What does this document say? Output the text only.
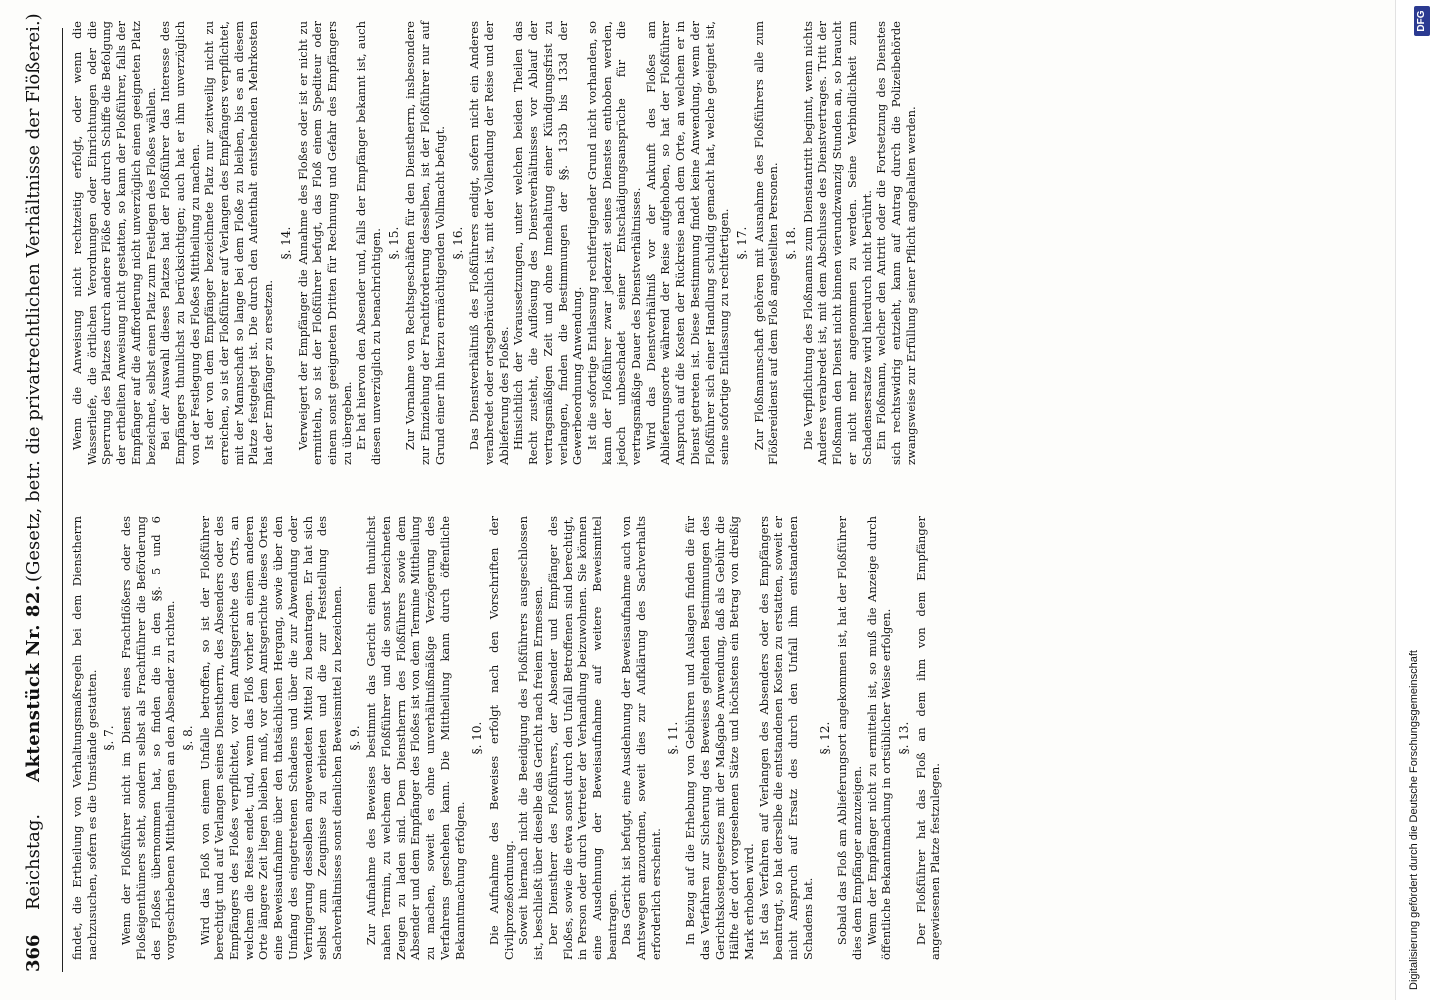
366
Reichstag.
Aktenstück Nr. 82.
(Gesetz, betr. die privatrechtlichen Verhältnisse der Flößerei.)
findet, die Ertheilung von Verhaltungsmaßregeln bei dem Dienstherrn nachzusuchen, sofern es die Umstände gestatten. §. 7. Wenn der Floßführer nicht im Dienst eines Frachtflößers oder des Floßeigenthümers steht, sondern selbst als Frachtführer die Beförderung des Floßes übernommen hat, so finden die in den §§. 5 und 6 vorgeschriebenen Mittheilungen an den Absender zu richten. §. 8. Wird das Floß von einem Unfalle betroffen, so ist der Floßführer berechtigt und auf Verlangen seines Dienstherrn, des Absenders oder des Empfängers des Floßes verpflichtet, vor dem Amtsgerichte des Orts, an welchem die Reise endet, und, wenn das Floß vorher an einem anderen Orte längere Zeit liegen bleiben muß, vor dem Amtsgerichte dieses Ortes eine Beweisaufnahme über den thatsächlichen Hergang, sowie über den Umfang des eingetretenen Schadens und über die zur Abwendung oder Verringerung desselben angewendeten Mittel zu beantragen. Er hat sich selbst zum Zeugnisse zu erbieten und die zur Feststellung des Sachverhältnisses sonst dienlichen Beweismittel zu bezeichnen. §. 9. Zur Aufnahme des Beweises bestimmt das Gericht einen thunlichst nahen Termin, zu welchem der Floßführer und die sonst bezeichneten Zeugen zu laden sind. Dem Dienstherrn des Floßführers sowie dem Absender und dem Empfänger des Floßes ist von dem Termine Mittheilung zu machen, soweit es ohne unverhältnißmäßige Verzögerung des Verfahrens geschehen kann. Die Mittheilung kann durch öffentliche Bekanntmachung erfolgen.
§. 10. Die Aufnahme des Beweises erfolgt nach den Vorschriften der Civilprozeßordnung. Soweit hiernach nicht die Beeidigung des Floßführers ausgeschlossen ist, beschließt über dieselbe das Gericht nach freiem Ermessen. Der Dienstherr des Floßführers, der Absender und Empfänger des Floßes, sowie die etwa sonst durch den Unfall Betroffenen sind berechtigt, in Person oder durch Vertreter der Verhandlung beizuwohnen. Sie können eine Ausdehnung der Beweisaufnahme auf weitere Beweismittel beantragen. Das Gericht ist befugt, eine Ausdehnung der Beweisaufnahme auch von Amtswegen anzuordnen, soweit dies zur Aufklärung des Sachverhalts erforderlich erscheint.
§. 11. In Bezug auf die Erhebung von Gebühren und Auslagen finden die für das Verfahren zur Sicherung des Beweises geltenden Bestimmungen des Gerichtskostengesetzes mit der Maßgabe Anwendung, daß als Gebühr die Hälfte der dort vorgesehenen Sätze und höchstens ein Betrag von dreißig Mark erhoben wird. Ist das Verfahren auf Verlangen des Absenders oder des Empfängers beantragt, so hat derselbe die entstandenen Kosten zu erstatten, soweit er nicht Anspruch auf Ersatz des durch den Unfall ihm entstandenen Schadens hat.
§. 12. Sobald das Floß am Ablieferungsort angekommen ist, hat der Floßführer dies dem Empfänger anzuzeigen. Wenn der Empfänger nicht zu ermitteln ist, so muß die Anzeige durch öffentliche Bekanntmachung in ortsüblicher Weise erfolgen. §. 13. Der Floßführer hat das Floß an dem ihm von dem Empfänger angewiesenen Platze festzulegen.
Wenn die Anweisung nicht rechtzeitig erfolgt, oder wenn die Wasserliefe, die örtlichen Verordnungen oder Einrichtungen oder die Sperrung des Platzes durch andere Flöße oder durch Schiffe die Befolgung der ertheilten Anweisung nicht gestatten, so kann der Floßführer, falls der Empfänger auf die Aufforderung nicht unverzüglich einen geeigneten Platz bezeichnet, selbst einen Platz zum Festlegen des Floßes wählen. Bei der Auswahl dieses Platzes hat der Floßführer das Interesse des Empfängers thunlichst zu berücksichtigen; auch hat er ihm unverzüglich von der Festlegung des Floßes Mittheilung zu machen. Ist der von dem Empfänger bezeichnete Platz nur zeitweilig nicht zu erreichen, so ist der Floßführer auf Verlangen des Empfängers verpflichtet, mit der Mannschaft so lange bei dem Floße zu bleiben, bis es an diesem Platze festgelegt ist. Die durch den Aufenthalt entstehenden Mehrkosten hat der Empfänger zu ersetzen.
§. 14. Verweigert der Empfänger die Annahme des Floßes oder ist er nicht zu ermitteln, so ist der Floßführer befugt, das Floß einem Spediteur oder einem sonst geeigneten Dritten für Rechnung und Gefahr des Empfängers zu übergeben. Er hat hiervon den Absender und, falls der Empfänger bekannt ist, auch diesen unverzüglich zu benachrichtigen. §. 15. Zur Vornahme von Rechtsgeschäften für den Dienstherrn, insbesondere zur Einziehung der Frachtforderung desselben, ist der Floßführer nur auf Grund einer ihn hierzu ermächtigenden Vollmacht befugt. §. 16. Das Dienstverhältniß des Floßführers endigt, sofern nicht ein Anderes verabredet oder ortsgebräuchlich ist, mit der Vollendung der Reise und der Ablieferung des Floßes. Hinsichtlich der Voraussetzungen, unter welchen beiden Theilen das Recht zusteht, die Auflösung des Dienstverhältnisses vor Ablauf der vertragsmäßigen Zeit und ohne Innehaltung einer Kündigungsfrist zu verlangen, finden die Bestimmungen der §§. 133b bis 133d der Gewerbeordnung Anwendung. Ist die sofortige Entlassung rechtfertigender Grund nicht vorhanden, so kann der Floßführer zwar jederzeit seines Dienstes enthoben werden, jedoch unbeschadet seiner Entschädigungsansprüche für die vertragsmäßige Dauer des Dienstverhältnisses. Wird das Dienstverhältniß vor der Ankunft des Floßes am Ablieferungsorte während der Reise aufgehoben, so hat der Floßführer Anspruch auf die Kosten der Rückreise nach dem Orte, an welchem er in Dienst getreten ist. Diese Bestimmung findet keine Anwendung, wenn der Floßführer sich einer Handlung schuldig gemacht hat, welche geeignet ist, seine sofortige Entlassung zu rechtfertigen. §. 17. Zur Floßmannschaft gehören mit Ausnahme des Floßführers alle zum Flößereidienst auf dem Floß angestellten Personen. §. 18. Die Verpflichtung des Floßmanns zum Dienstantritt beginnt, wenn nichts Anderes verabredet ist, mit dem Abschlusse des Dienstvertrages. Tritt der Floßmann den Dienst nicht binnen vierundzwanzig Stunden an, so braucht er nicht mehr angenommen zu werden. Seine Verbindlichkeit zum Schadensersatze wird hierdurch nicht berührt. Ein Floßmann, welcher den Antritt oder die Fortsetzung des Dienstes sich rechtswidrig entzieht, kann auf Antrag durch die Polizeibehörde zwangsweise zur Erfüllung seiner Pflicht angehalten werden.
Digitalisierung gefördert durch die Deutsche Forschungsgemeinschaft
DFG
